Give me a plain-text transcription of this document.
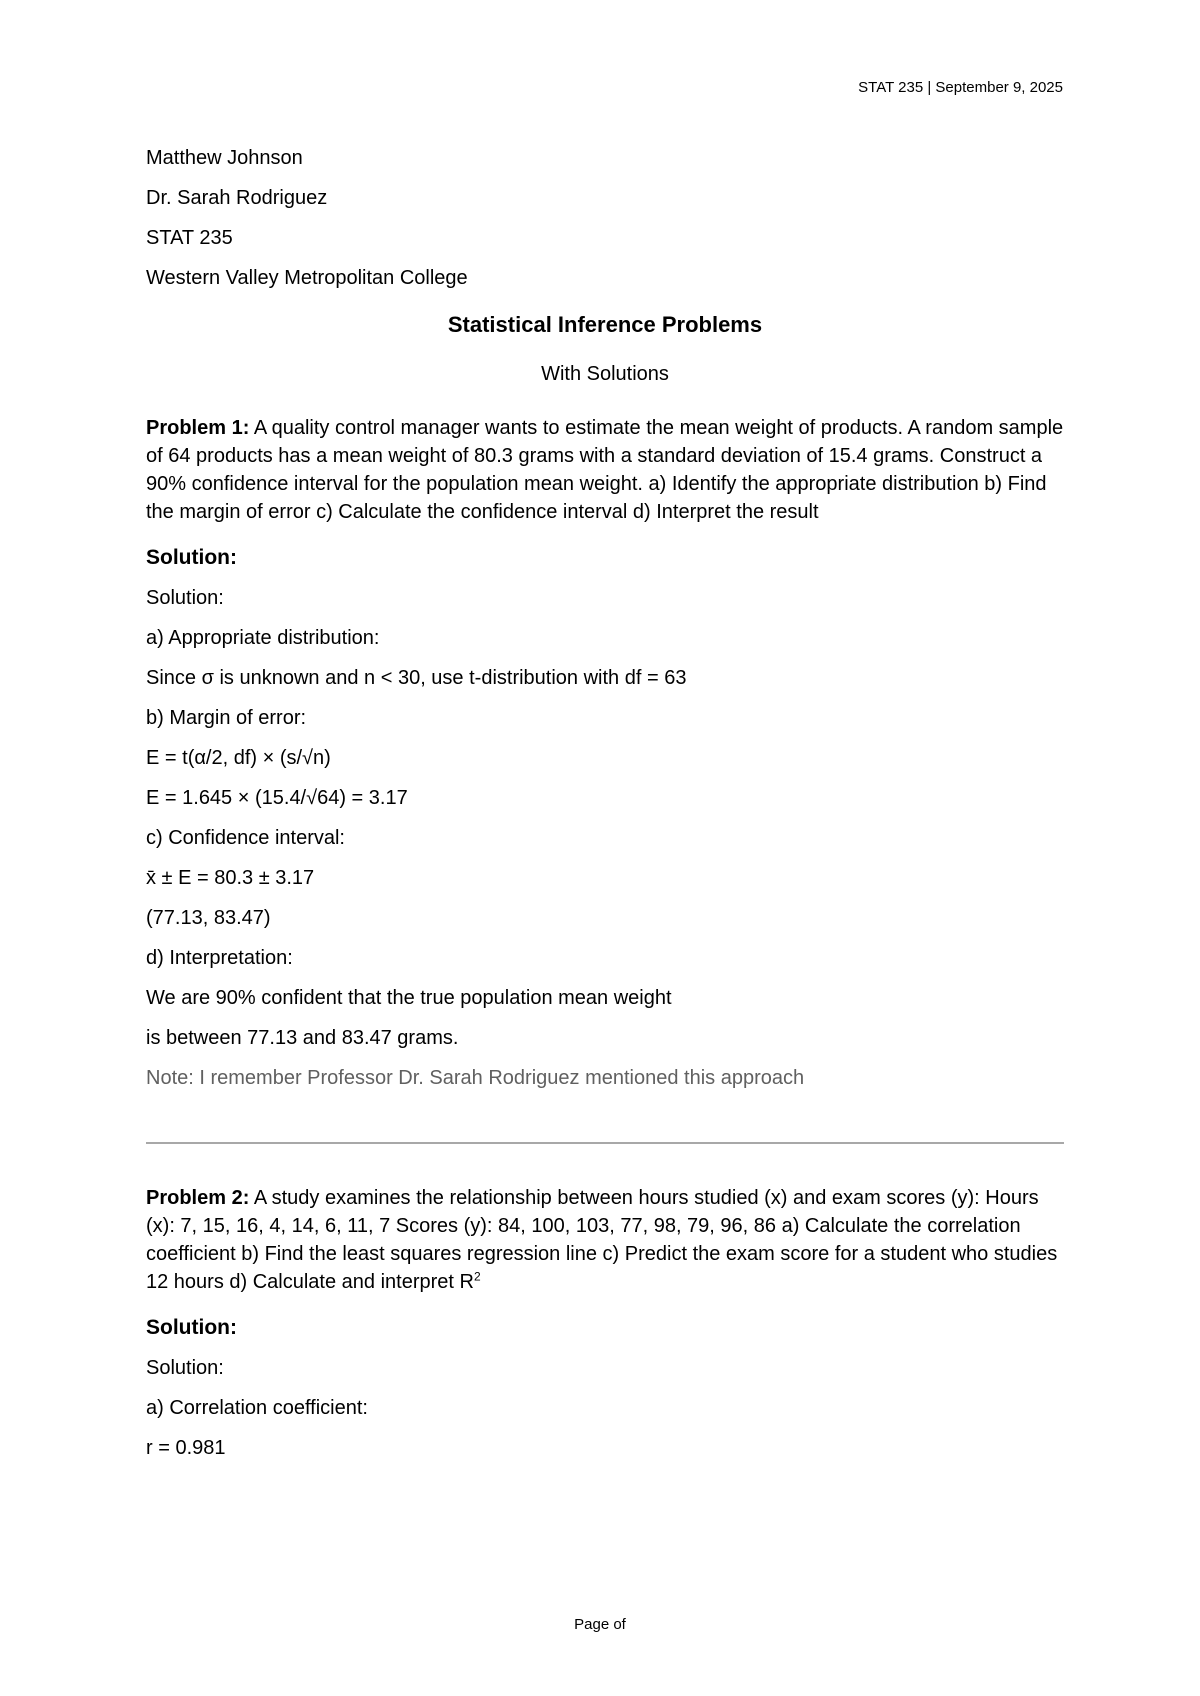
STAT 235 | September 9, 2025
Matthew Johnson
Dr. Sarah Rodriguez
STAT 235
Western Valley Metropolitan College
Statistical Inference Problems
With Solutions
Problem 1: A quality control manager wants to estimate the mean weight of products. A random sample of 64 products has a mean weight of 80.3 grams with a standard deviation of 15.4 grams. Construct a 90% confidence interval for the population mean weight. a) Identify the appropriate distribution b) Find the margin of error c) Calculate the confidence interval d) Interpret the result
Solution:
Solution:
a) Appropriate distribution:
Since σ is unknown and n < 30, use t-distribution with df = 63
b) Margin of error:
E = t(α/2, df) × (s/√n)
E = 1.645 × (15.4/√64) = 3.17
c) Confidence interval:
x̄ ± E = 80.3 ± 3.17
(77.13, 83.47)
d) Interpretation:
We are 90% confident that the true population mean weight
is between 77.13 and 83.47 grams.
Note: I remember Professor Dr. Sarah Rodriguez mentioned this approach
Problem 2: A study examines the relationship between hours studied (x) and exam scores (y): Hours (x): 7, 15, 16, 4, 14, 6, 11, 7 Scores (y): 84, 100, 103, 77, 98, 79, 96, 86 a) Calculate the correlation coefficient b) Find the least squares regression line c) Predict the exam score for a student who studies 12 hours d) Calculate and interpret $R^2$
Solution:
Solution:
a) Correlation coefficient:
r = 0.981
Page of
